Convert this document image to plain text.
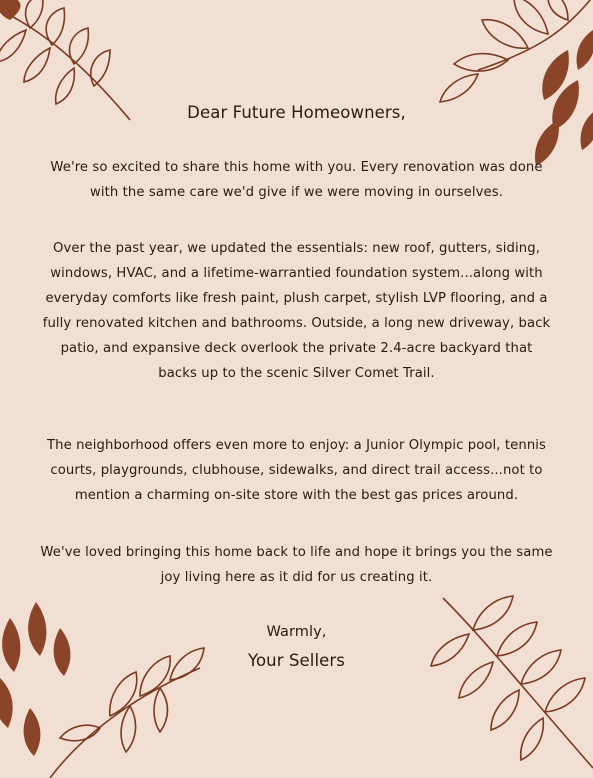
Dear Future Homeowners,

We're so excited to share this home with you. Every renovation was done with the same care we'd give if we were moving in ourselves.

Over the past year, we updated the essentials: new roof, gutters, siding, windows, HVAC, and a lifetime-warrantied foundation system...along with everyday comforts like fresh paint, plush carpet, stylish LVP flooring, and a fully renovated kitchen and bathrooms. Outside, a long new driveway, back patio, and expansive deck overlook the private 2.4-acre backyard that backs up to the scenic Silver Comet Trail.

The neighborhood offers even more to enjoy: a Junior Olympic pool, tennis courts, playgrounds, clubhouse, sidewalks, and direct trail access...not to mention a charming on-site store with the best gas prices around.

We've loved bringing this home back to life and hope it brings you the same joy living here as it did for us creating it.

Warmly,
Your Sellers
